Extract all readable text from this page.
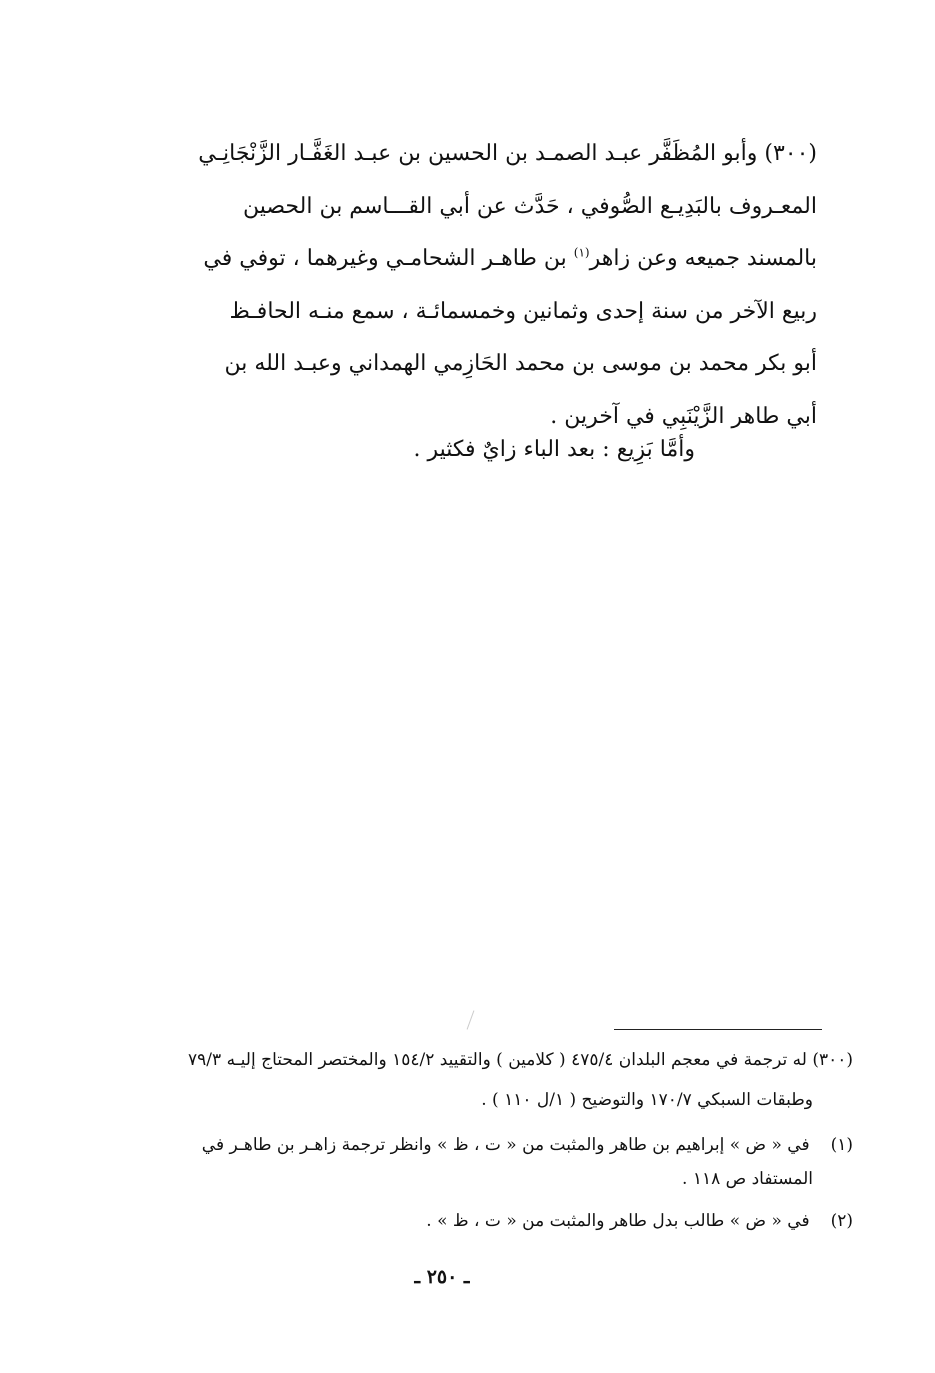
(٣٠٠) وأبو المُظَفَّر عبـد الصمـد بن الحسين بن عبـد الغَفَّـار الزَّنْجَانِـي
المعـروف بالبَدِيـع الصُّوفي ، حَدَّث عن أبي القـــاسم بن الحصين
بالمسند جميعه وعن زاهر$^{(١)}$ بن طاهـر الشحامـي وغيرهما ، توفي في
ربيع الآخر من سنة إحدى وثمانين وخمسمائـة ، سمع منـه الحافـظ
أبو بكر محمد بن موسى بن محمد الحَازِمي الهمداني وعبـد الله بن
أبي طاهر الزَّيْنَبِي في آخرين .
وأمَّا بَزِيع : بعد الباء زايٌ فكثير .
(٣٠٠) له ترجمة في معجم البلدان ٤٧٥/٤ ( كلامين ) والتقييد ١٥٤/٢ والمختصر المحتاج إليـه ٧٩/٣
وطبقات السبكي ١٧٠/٧ والتوضيح ( ١/ل ١١٠ ) .
(١) في « ض » إبراهيم بن طاهر والمثبت من « ت ، ظ » وانظر ترجمة زاهـر بن طاهـر في
المستفاد ص ١١٨ .
(٢) في « ض » طالب بدل طاهر والمثبت من « ت ، ظ » .
ـ ٢٥٠ ـ
